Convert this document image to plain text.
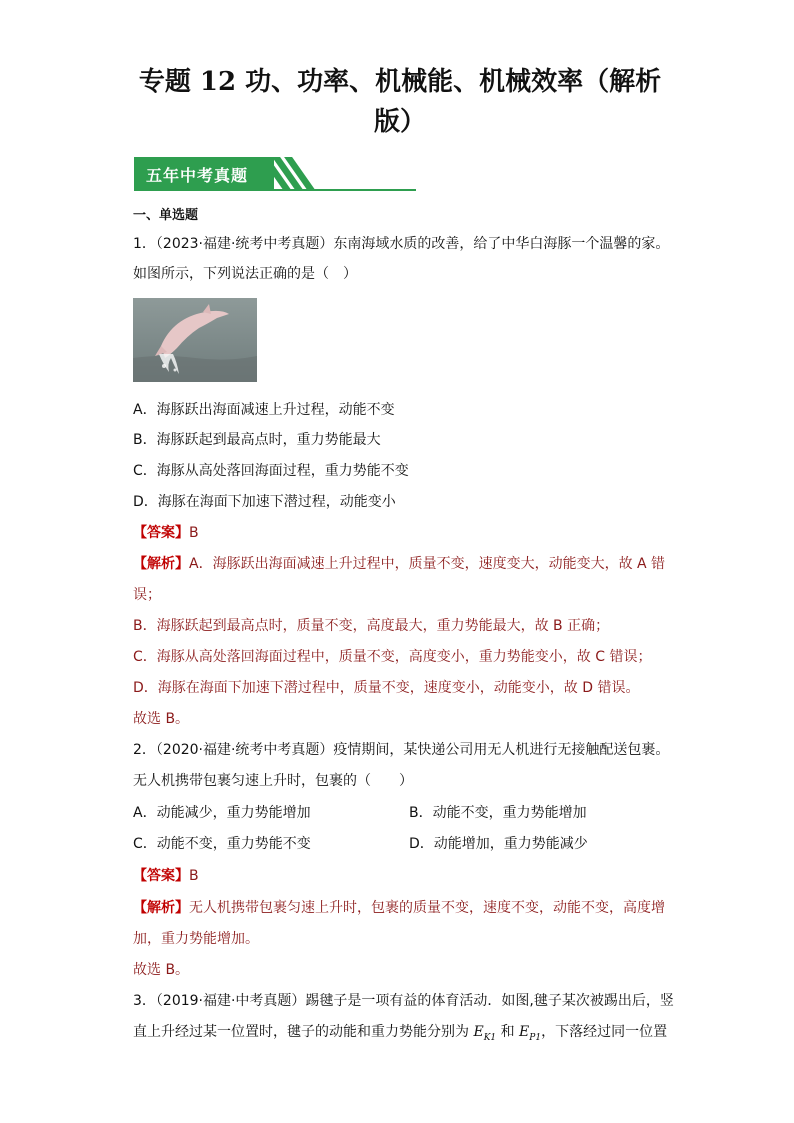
专题 12 功、功率、机械能、机械效率（解析
版）
五年中考真题
一、单选题
1．（2023·福建·统考中考真题）东南海域水质的改善，给了中华白海豚一个温馨的家。
如图所示，下列说法正确的是（　）
A．海豚跃出海面减速上升过程，动能不变
B．海豚跃起到最高点时，重力势能最大
C．海豚从高处落回海面过程，重力势能不变
D．海豚在海面下加速下潜过程，动能变小
【答案】B
【解析】A．海豚跃出海面减速上升过程中，质量不变，速度变大，动能变大，故 A 错
误；
B．海豚跃起到最高点时，质量不变，高度最大，重力势能最大，故 B 正确；
C．海豚从高处落回海面过程中，质量不变，高度变小，重力势能变小，故 C 错误；
D．海豚在海面下加速下潜过程中，质量不变，速度变小，动能变小，故 D 错误。
故选 B。
2．（2020·福建·统考中考真题）疫情期间，某快递公司用无人机进行无接触配送包裹。
无人机携带包裹匀速上升时，包裹的（　　）
A．动能减少，重力势能增加	B．动能不变，重力势能增加
C．动能不变，重力势能不变	D．动能增加，重力势能减少
【答案】B
【解析】无人机携带包裹匀速上升时，包裹的质量不变，速度不变，动能不变，高度增
加，重力势能增加。
故选 B。
3．（2019·福建·中考真题）踢毽子是一项有益的体育活动．如图,毽子某次被踢出后，竖
直上升经过某一位置时，毽子的动能和重力势能分别为 $E_{K1}$ 和 $E_{P1}$，下落经过同一位置
